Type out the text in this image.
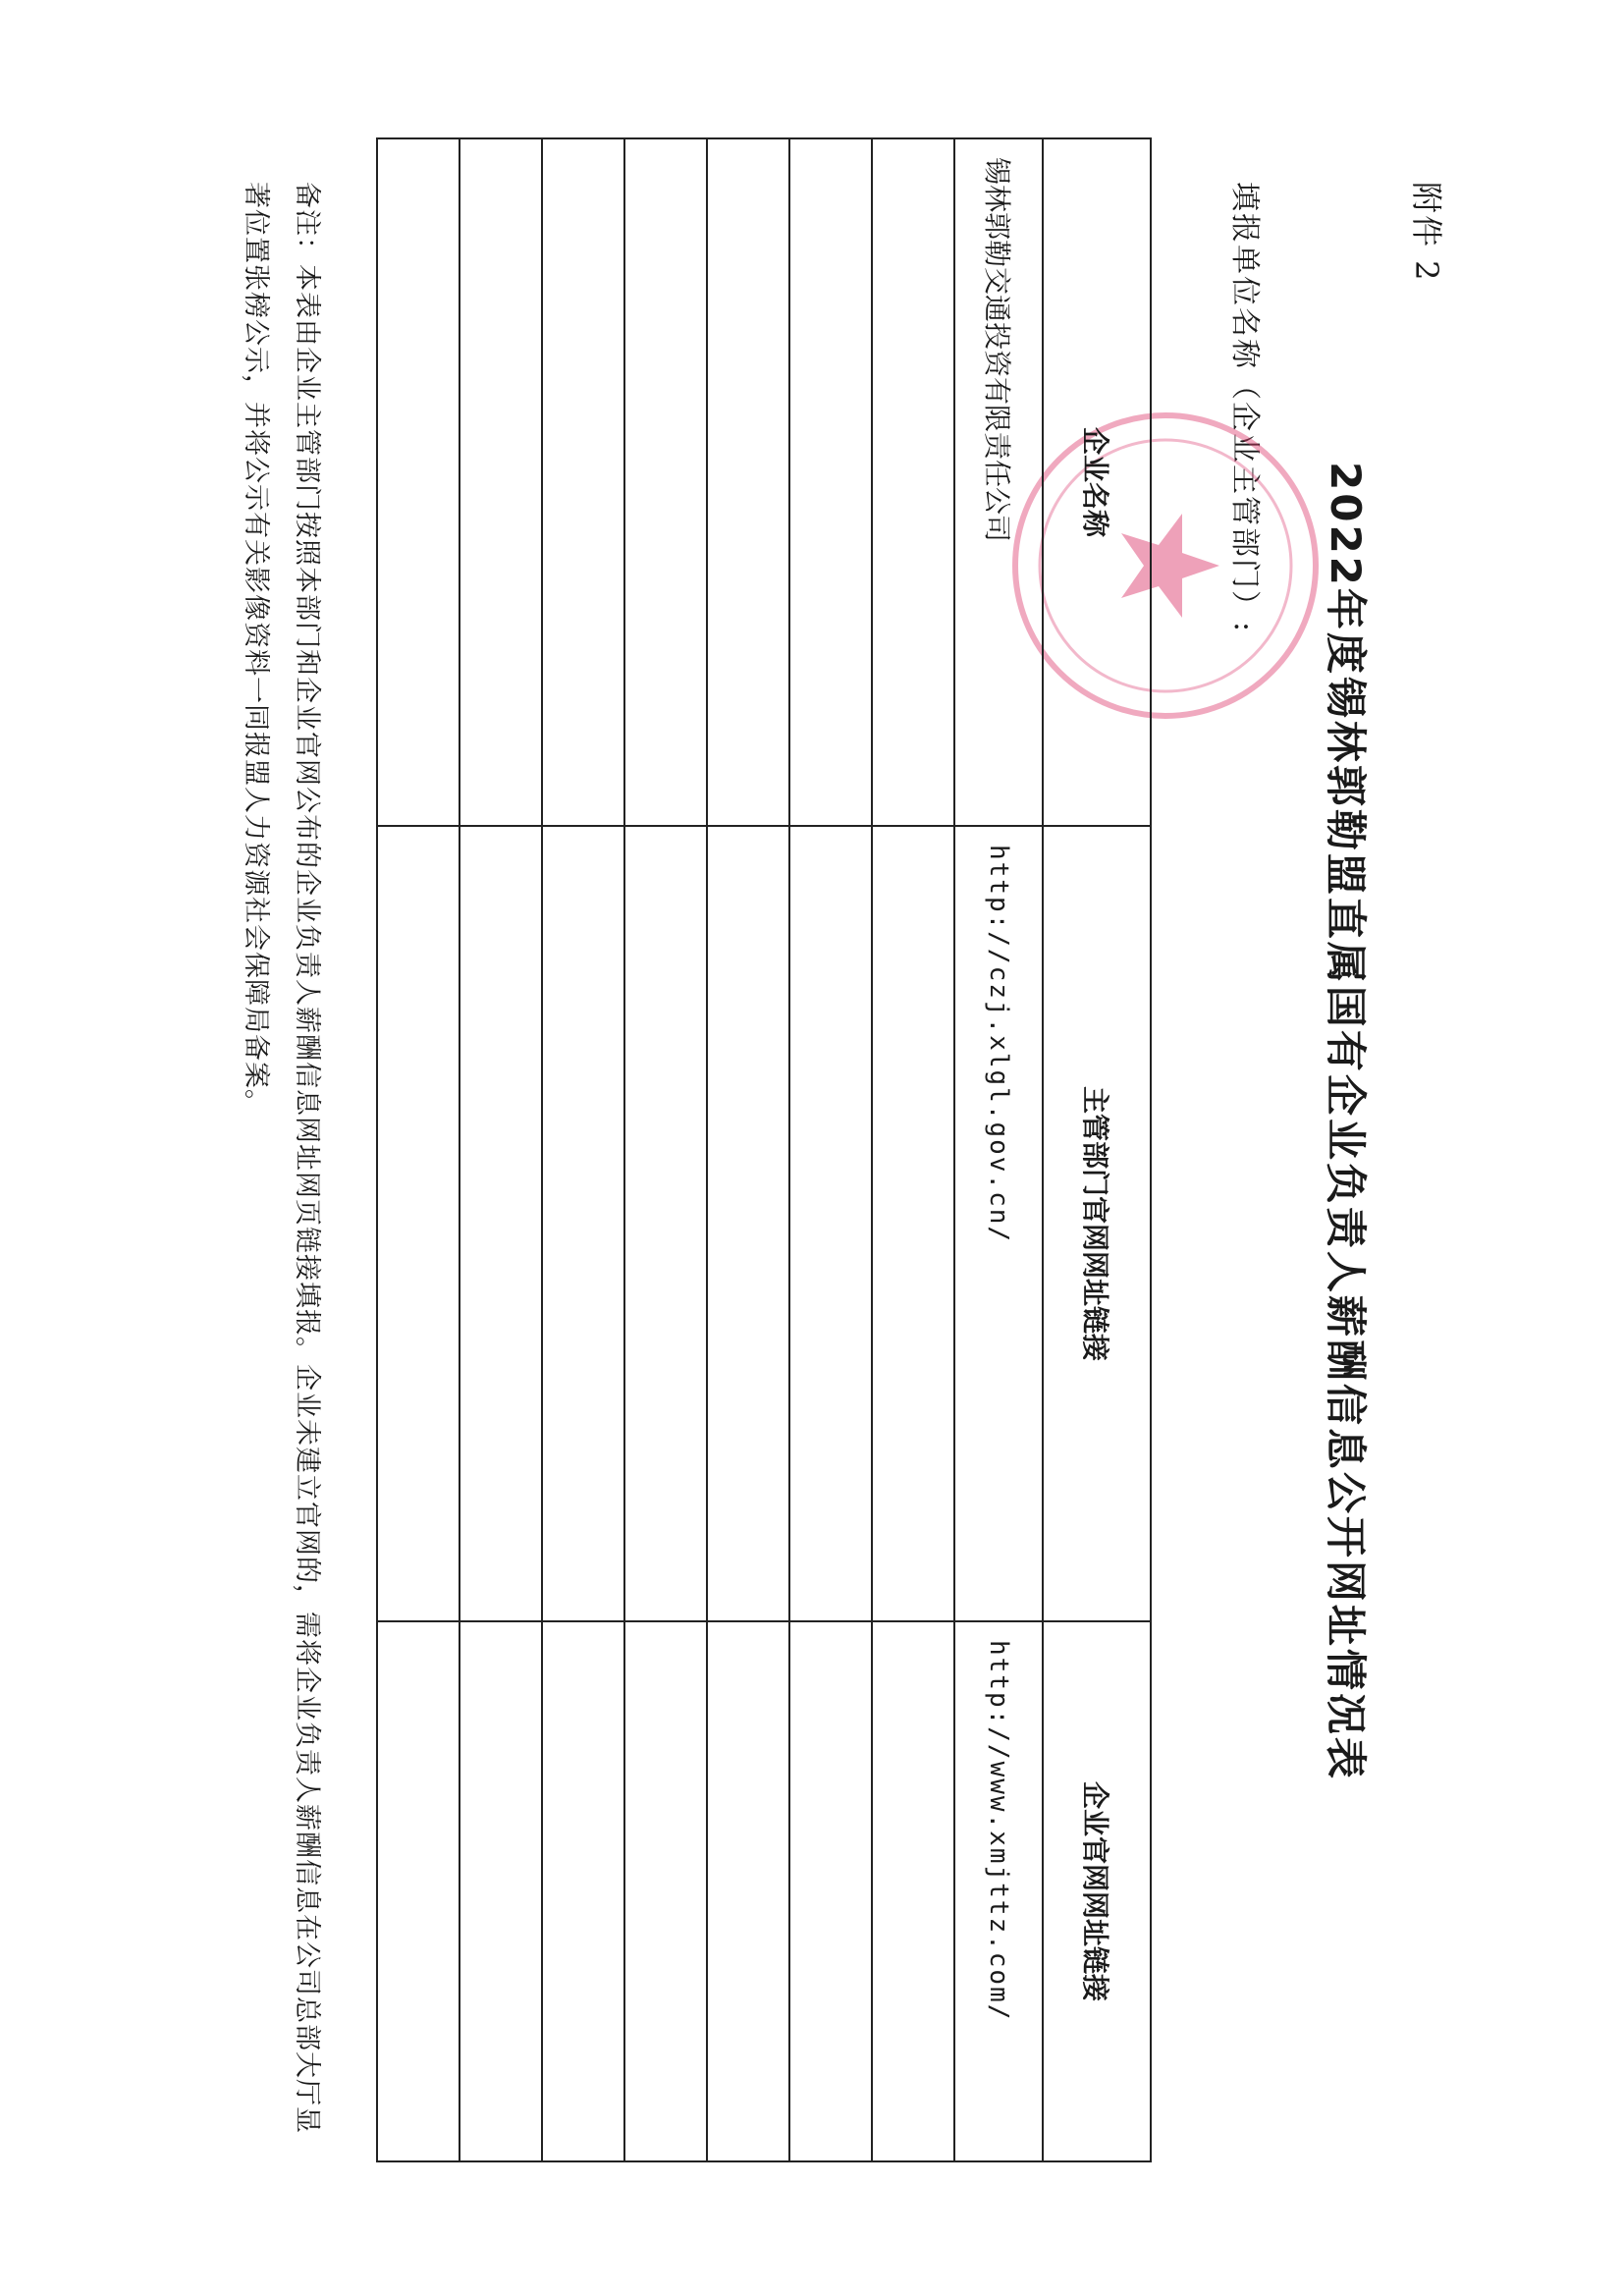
附件 2
2022年度锡林郭勒盟直属国有企业负责人薪酬信息公开网址情况表
填报单位名称（企业主管部门）:
企业名称	主管部门官网网址链接	企业官网网址链接
锡林郭勒交通投资有限责任公司	http://czj.xlgl.gov.cn/	http://www.xmjttz.com/

备注：本表由企业主管部门按照本部门和企业官网公布的企业负责人薪酬信息网址网页链接填报。企业未建立官网的，需将企业负责人薪酬信息在公司总部大厅显著位置张榜公示，并将公示有关影像资料一同报盟人力资源社会保障局备案。
